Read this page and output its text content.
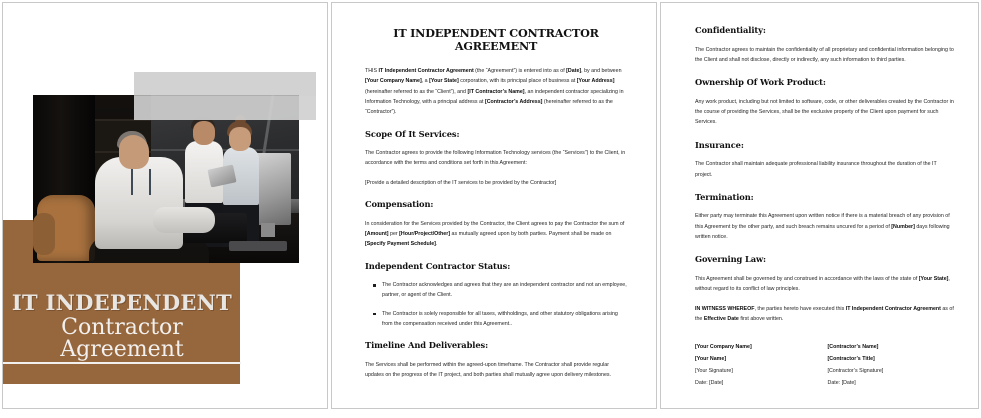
IT INDEPENDENT
Contractor Agreement
IT INDEPENDENT CONTRACTOR AGREEMENT

THIS IT Independent Contractor Agreement (the “Agreement”) is entered into as of [Date], by and between [Your Company Name], a [Your State] corporation, with its principal place of business at [Your Address] (hereinafter referred to as the “Client”), and [IT Contractor’s Name], an independent contractor specializing in Information Technology, with a principal address at [Contractor’s Address] (hereinafter referred to as the “Contractor”).

Scope Of It Services:

The Contractor agrees to provide the following Information Technology services (the “Services”) to the Client, in accordance with the terms and conditions set forth in this Agreement:

[Provide a detailed description of the IT services to be provided by the Contractor]

Compensation:

In consideration for the Services provided by the Contractor, the Client agrees to pay the Contractor the sum of [Amount] per [Hour/Project/Other] as mutually agreed upon by both parties. Payment shall be made on [Specify Payment Schedule].

Independent Contractor Status:
The Contractor acknowledges and agrees that they are an independent contractor and not an employee, partner, or agent of the Client.
The Contractor is solely responsible for all taxes, withholdings, and other statutory obligations arising from the compensation received under this Agreement..
Timeline And Deliverables:

The Services shall be performed within the agreed-upon timeframe. The Contractor shall provide regular updates on the progress of the IT project, and both parties shall mutually agree upon delivery milestones.

Confidentiality:

The Contractor agrees to maintain the confidentiality of all proprietary and confidential information belonging to the Client and shall not disclose, directly or indirectly, any such information to third parties.

Ownership Of Work Product:

Any work product, including but not limited to software, code, or other deliverables created by the Contractor in the course of providing the Services, shall be the exclusive property of the Client upon payment for such Services.

Insurance:

The Contractor shall maintain adequate professional liability insurance throughout the duration of the IT project.

Termination:

Either party may terminate this Agreement upon written notice if there is a material breach of any provision of this Agreement by the other party, and such breach remains uncured for a period of [Number] days following written notice.

Governing Law:

This Agreement shall be governed by and construed in accordance with the laws of the state of [Your State], without regard to its conflict of law principles.

IN WITNESS WHEREOF, the parties hereto have executed this IT Independent Contractor Agreement as of the Effective Date first above written.

[Your Company Name]
[Your Name]
[Your Signature]
Date: [Date]
[Contractor’s Name]
[Contractor’s Title]
[Contractor’s Signature]
Date: [Date]
